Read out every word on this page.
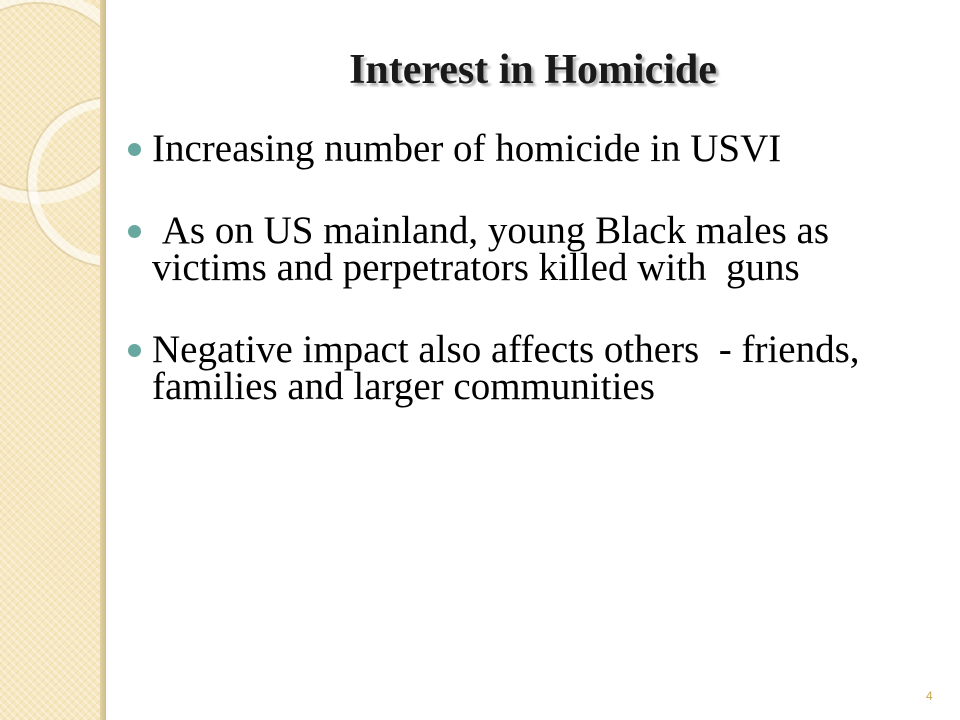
Interest in Homicide
Increasing number of homicide in USVI
As on US mainland, young Black males as victims and perpetrators killed with  guns
Negative impact also affects others  - friends, families and larger communities
4
